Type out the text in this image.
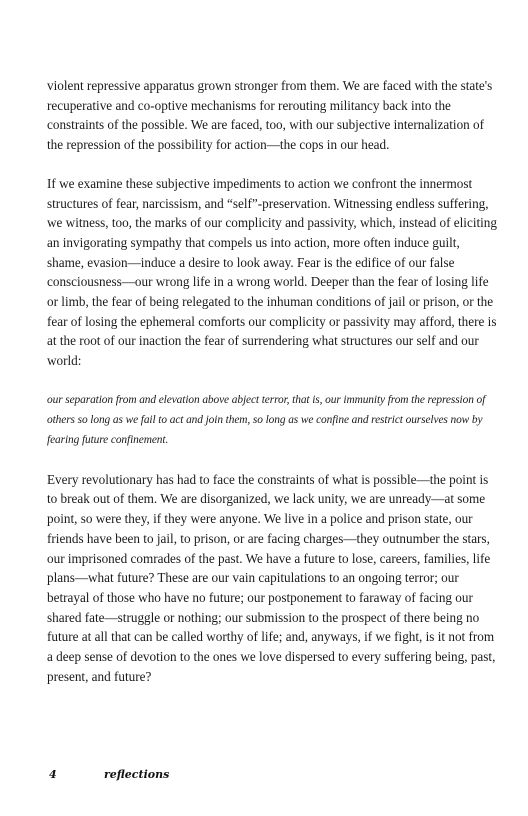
violent repressive apparatus grown stronger from them. We are faced with the state's recuperative and co-optive mechanisms for rerouting militancy back into the constraints of the possible. We are faced, too, with our subjective internalization of the repression of the possibility for action—the cops in our head.

If we examine these subjective impediments to action we confront the innermost structures of fear, narcissism, and “self”-preservation. Witnessing endless suffering, we witness, too, the marks of our complicity and passivity, which, instead of eliciting an invigorating sympathy that compels us into action, more often induce guilt, shame, evasion—induce a desire to look away. Fear is the edifice of our false consciousness—our wrong life in a wrong world. Deeper than the fear of losing life or limb, the fear of being relegated to the inhuman conditions of jail or prison, or the fear of losing the ephemeral comforts our complicity or passivity may afford, there is at the root of our inaction the fear of surrendering what structures our self and our world:

our separation from and elevation above abject terror, that is, our immunity from the repression of others so long as we fail to act and join them, so long as we confine and restrict ourselves now by fearing future confinement.

Every revolutionary has had to face the constraints of what is possible—the point is to break out of them. We are disorganized, we lack unity, we are unready—at some point, so were they, if they were anyone. We live in a police and prison state, our friends have been to jail, to prison, or are facing charges—they outnumber the stars, our imprisoned comrades of the past. We have a future to lose, careers, families, life plans—what future? These are our vain capitulations to an ongoing terror; our betrayal of those who have no future; our postponement to faraway of facing our shared fate—struggle or nothing; our submission to the prospect of there being no future at all that can be called worthy of life; and, anyways, if we fight, is it not from a deep sense of devotion to the ones we love dispersed to every suffering being, past, present, and future?

4	reflections
